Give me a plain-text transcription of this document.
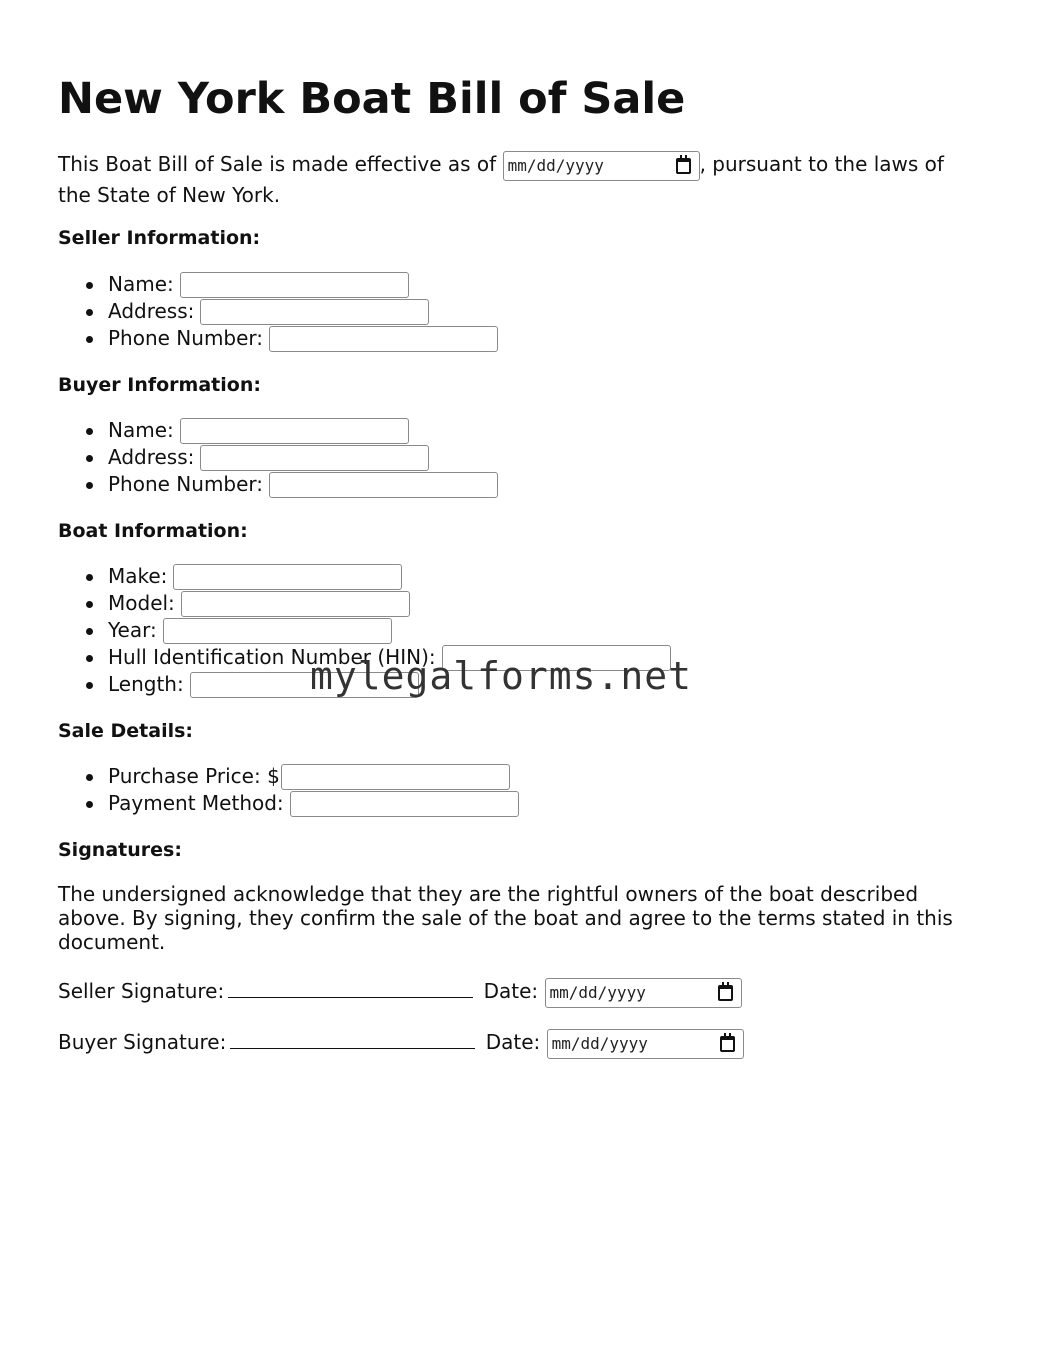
New York Boat Bill of Sale

This Boat Bill of Sale is made effective as of mm/dd/yyyy	, pursuant to the laws of the State of New York.

Seller Information:
Name:
Address:
Phone Number:
Buyer Information:
Name:
Address:
Phone Number:
Boat Information:
Make:
Model:
Year:
Hull Identification Number (HIN):
Length:
Sale Details:
Purchase Price: $
Payment Method:
Signatures:

The undersigned acknowledge that they are the rightful owners of the boat described above. By signing, they confirm the sale of the boat and agree to the terms stated in this document.

Seller Signature:	Date: mm/dd/yyyy
Buyer Signature:	Date: mm/dd/yyyy
mylegalforms.net
